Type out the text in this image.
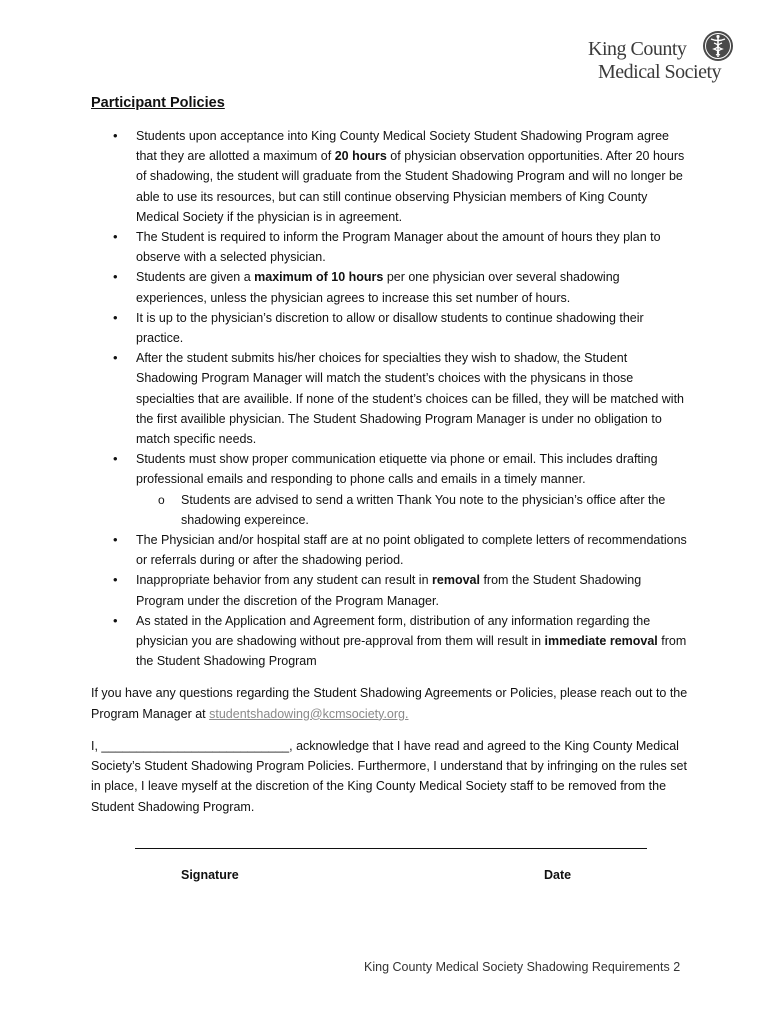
King County
Medical Society
Participant Policies
• Students upon acceptance into King County Medical Society Student Shadowing Program agree that they are allotted a maximum of 20 hours of physician observation opportunities. After 20 hours of shadowing, the student will graduate from the Student Shadowing Program and will no longer be able to use its resources, but can still continue observing Physician members of King County Medical Society if the physician is in agreement.
• The Student is required to inform the Program Manager about the amount of hours they plan to observe with a selected physician.
• Students are given a maximum of 10 hours per one physician over several shadowing experiences, unless the physician agrees to increase this set number of hours.
• It is up to the physician’s discretion to allow or disallow students to continue shadowing their practice.
• After the student submits his/her choices for specialties they wish to shadow, the Student Shadowing Program Manager will match the student’s choices with the physicans in those specialties that are availible. If none of the student’s choices can be filled, they will be matched with the first availible physician. The Student Shadowing Program Manager is under no obligation to match specific needs.
• Students must show proper communication etiquette via phone or email. This includes drafting professional emails and responding to phone calls and emails in a timely manner.
o Students are advised to send a written Thank You note to the physician’s office after the shadowing expereince.
• The Physician and/or hospital staff are at no point obligated to complete letters of recommendations or referrals during or after the shadowing period.
• Inappropriate behavior from any student can result in removal from the Student Shadowing Program under the discretion of the Program Manager.
• As stated in the Application and Agreement form, distribution of any information regarding the physician you are shadowing without pre-approval from them will result in immediate removal from the Student Shadowing Program

If you have any questions regarding the Student Shadowing Agreements or Policies, please reach out to the Program Manager at studentshadowing@kcmsociety.org.

I, ___________________________, acknowledge that I have read and agreed to the King County Medical Society’s Student Shadowing Program Policies. Furthermore, I understand that by infringing on the rules set in place, I leave myself at the discretion of the King County Medical Society staff to be removed from the Student Shadowing Program.

Signature	Date
King County Medical Society Shadowing Requirements 2
